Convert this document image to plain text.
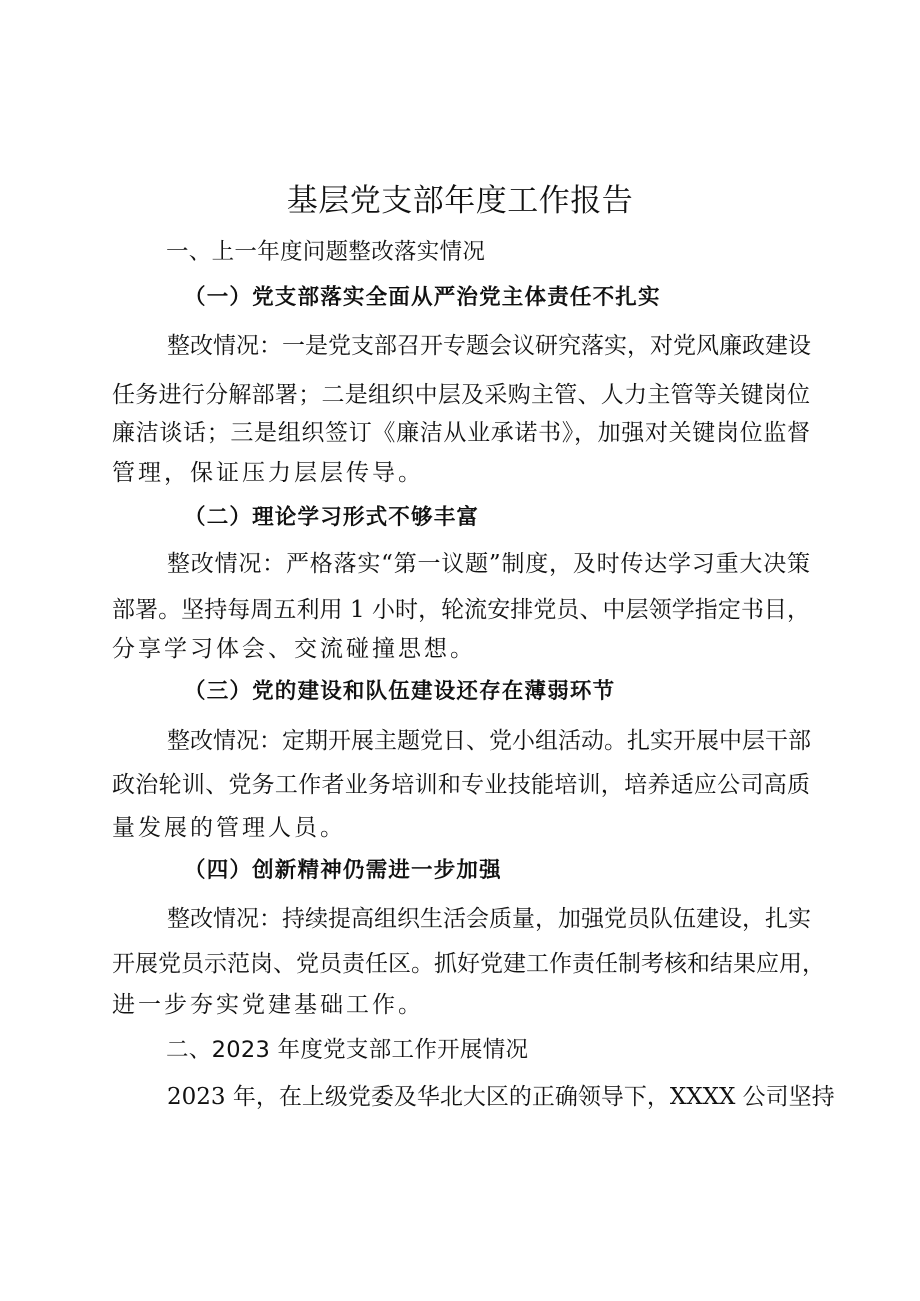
基层党支部年度工作报告
一、上一年度问题整改落实情况
（一）党支部落实全面从严治党主体责任不扎实
整改情况：一是党支部召开专题会议研究落实，对党风廉政建设
任务进行分解部署；二是组织中层及采购主管、人力主管等关键岗位
廉洁谈话；三是组织签订《廉洁从业承诺书》，加强对关键岗位监督
管理，保证压力层层传导。
（二）理论学习形式不够丰富
整改情况：严格落实“第一议题”制度，及时传达学习重大决策
部署。坚持每周五利用 1 小时，轮流安排党员、中层领学指定书目，
分享学习体会、交流碰撞思想。
（三）党的建设和队伍建设还存在薄弱环节
整改情况：定期开展主题党日、党小组活动。扎实开展中层干部
政治轮训、党务工作者业务培训和专业技能培训，培养适应公司高质
量发展的管理人员。
（四）创新精神仍需进一步加强
整改情况：持续提高组织生活会质量，加强党员队伍建设，扎实
开展党员示范岗、党员责任区。抓好党建工作责任制考核和结果应用，
进一步夯实党建基础工作。
二、2023 年度党支部工作开展情况
2023 年，在上级党委及华北大区的正确领导下，XXXX 公司坚持
